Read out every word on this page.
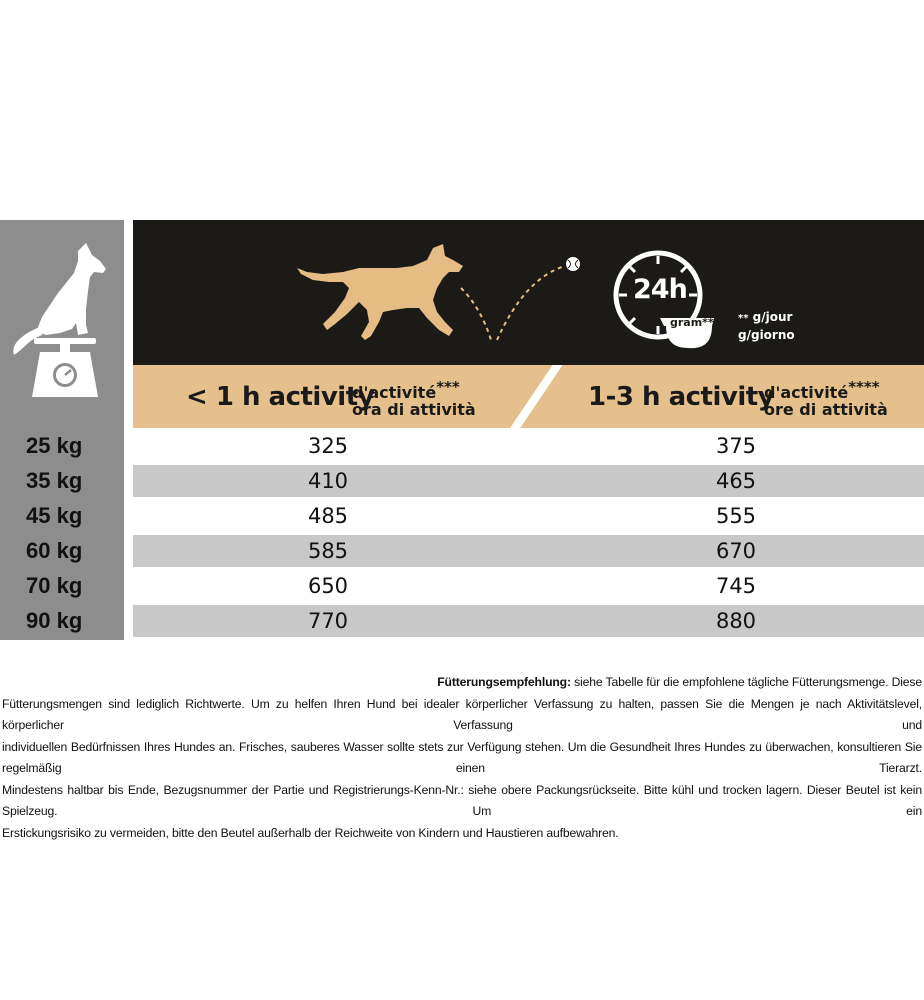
24h
gram** ** g/jour
g/giorno
< 1 h activity
d'activité***
ora di attività	1-3 h activity
d'activité****
ore di attività
25 kg
35 kg
45 kg
60 kg
70 kg
90 kg
325
410
485
585
650
770
375
465
555
670
745
880
Fütterungsempfehlung: siehe Tabelle für die empfohlene tägliche Fütterungsmenge. Diese
Fütterungsmengen sind lediglich Richtwerte. Um zu helfen Ihren Hund bei idealer körperlicher Verfassung zu halten, passen Sie die Mengen je nach Aktivitätslevel, körperlicher Verfassung und
individuellen Bedürfnissen Ihres Hundes an. Frisches, sauberes Wasser sollte stets zur Verfügung stehen. Um die Gesundheit Ihres Hundes zu überwachen, konsultieren Sie regelmäßig einen Tierarzt.
Mindestens haltbar bis Ende, Bezugsnummer der Partie und Registrierungs-Kenn-Nr.: siehe obere Packungsrückseite. Bitte kühl und trocken lagern. Dieser Beutel ist kein Spielzeug. Um ein
Erstickungsrisiko zu vermeiden, bitte den Beutel außerhalb der Reichweite von Kindern und Haustieren aufbewahren.
